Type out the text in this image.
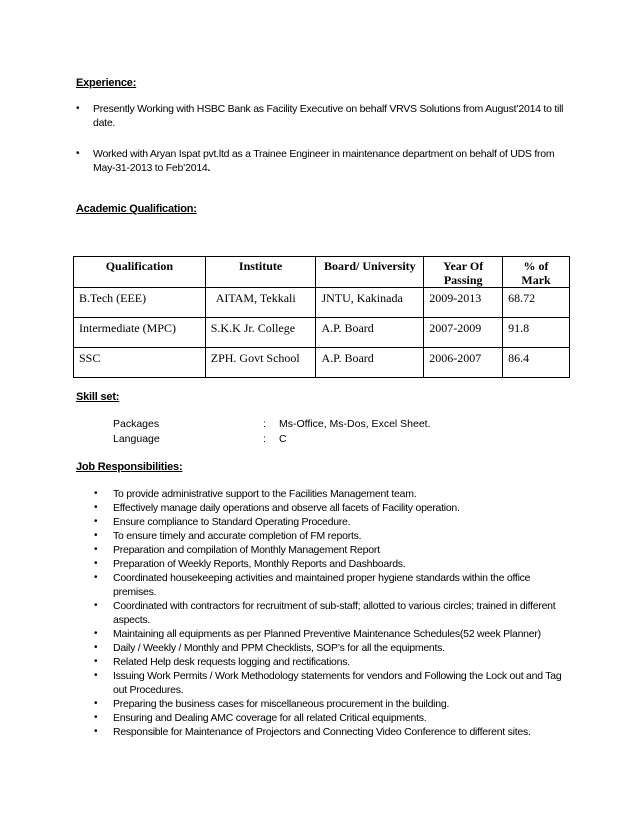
Experience:
• Presently Working with HSBC Bank as Facility Executive on behalf VRVS Solutions from August’2014 to till date.
• Worked with Aryan Ispat pvt.ltd as a Trainee Engineer in maintenance department on behalf of UDS from May-31-2013 to Feb’2014.
Academic Qualification:
Qualification	Institute	Board/ University	Year Of Passing	% of Mark
B.Tech (EEE)	AITAM, Tekkali	JNTU, Kakinada	2009-2013	68.72
Intermediate (MPC)	S.K.K Jr. College	A.P. Board	2007-2009	91.8
SSC	ZPH. Govt School	A.P. Board	2006-2007	86.4
Skill set:
Packages	: Ms-Office, Ms-Dos, Excel Sheet.
Language	: C
Job Responsibilities:
• To provide administrative support to the Facilities Management team.
• Effectively manage daily operations and observe all facets of Facility operation.
• Ensure compliance to Standard Operating Procedure.
• To ensure timely and accurate completion of FM reports.
• Preparation and compilation of Monthly Management Report
• Preparation of Weekly Reports, Monthly Reports and Dashboards.
• Coordinated housekeeping activities and maintained proper hygiene standards within the office premises.
• Coordinated with contractors for recruitment of sub-staff; allotted to various circles; trained in different aspects.
• Maintaining all equipments as per Planned Preventive Maintenance Schedules(52 week Planner)
• Daily / Weekly / Monthly and PPM Checklists, SOP’s for all the equipments.
• Related Help desk requests logging and rectifications.
• Issuing Work Permits / Work Methodology statements for vendors and Following the Lock out and Tag out Procedures.
• Preparing the business cases for miscellaneous procurement in the building.
• Ensuring and Dealing AMC coverage for all related Critical equipments.
• Responsible for Maintenance of Projectors and Connecting Video Conference to different sites.
